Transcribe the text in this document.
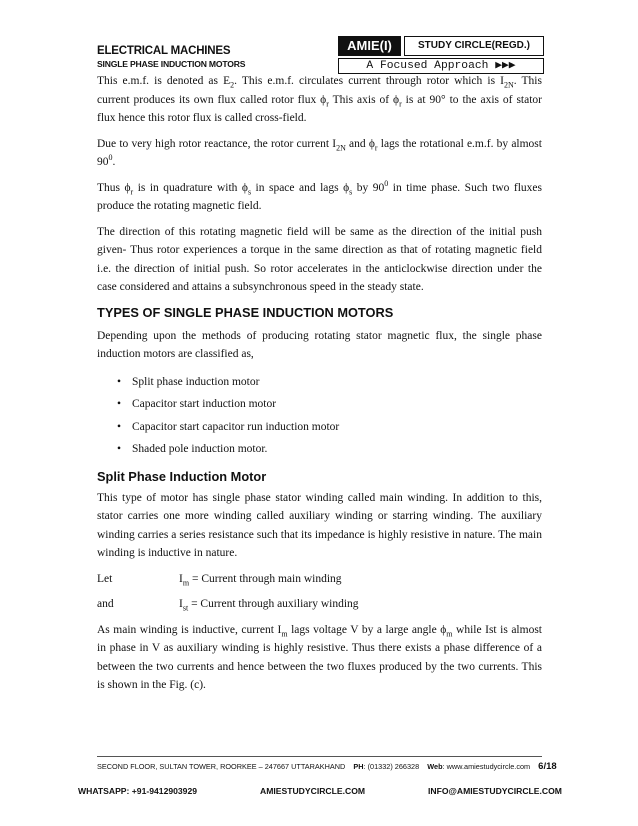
ELECTRICAL MACHINES
SINGLE PHASE INDUCTION MOTORS
AMIE(I)	STUDY CIRCLE(REGD.)
A Focused Approach ▶▶▶

This e.m.f. is denoted as $E_2$. This e.m.f. circulates current through rotor which is $I_{2N}$. This current produces its own flux called rotor flux $\phi_r$ This axis of $\phi_r$ is at 90° to the axis of stator flux hence this rotor flux is called cross-field.

Due to very high rotor reactance, the rotor current $I_{2N}$ and $\phi_r$ lags the rotational e.m.f. by almost $90^0$.

Thus $\phi_r$ is in quadrature with $\phi_s$ in space and lags $\phi_s$ by $90^0$ in time phase. Such two fluxes produce the rotating magnetic field.

The direction of this rotating magnetic field will be same as the direction of the initial push given- Thus rotor experiences a torque in the same direction as that of rotating magnetic field i.e. the direction of initial push. So rotor accelerates in the anticlockwise direction under the case considered and attains a subsynchronous speed in the steady state.

TYPES OF SINGLE PHASE INDUCTION MOTORS

Depending upon the methods of producing rotating stator magnetic flux, the single phase induction motors are classified as,

• Split phase induction motor
• Capacitor start induction motor
• Capacitor start capacitor run induction motor
• Shaded pole induction motor.
Split Phase Induction Motor

This type of motor has single phase stator winding called main winding. In addition to this, stator carries one more winding called auxiliary winding or starring winding. The auxiliary winding carries a series resistance such that its impedance is highly resistive in nature. The main winding is inductive in nature.

Let	$I_m$ = Current through main winding
and	$I_{st}$ = Current through auxiliary winding

As main winding is inductive, current $I_m$ lags voltage V by a large angle $\phi_m$ while Ist is almost in phase in V as auxiliary winding is highly resistive. Thus there exists a phase difference of a between the two currents and hence between the two fluxes produced by the two currents. This is shown in the Fig. (c).

SECOND FLOOR, SULTAN TOWER, ROORKEE – 247667 UTTARAKHAND PH: (01332) 266328 Web: www.amiestudycircle.com 6/18
WHATSAPP: +91-9412903929	AMIESTUDYCIRCLE.COM	INFO@AMIESTUDYCIRCLE.COM
